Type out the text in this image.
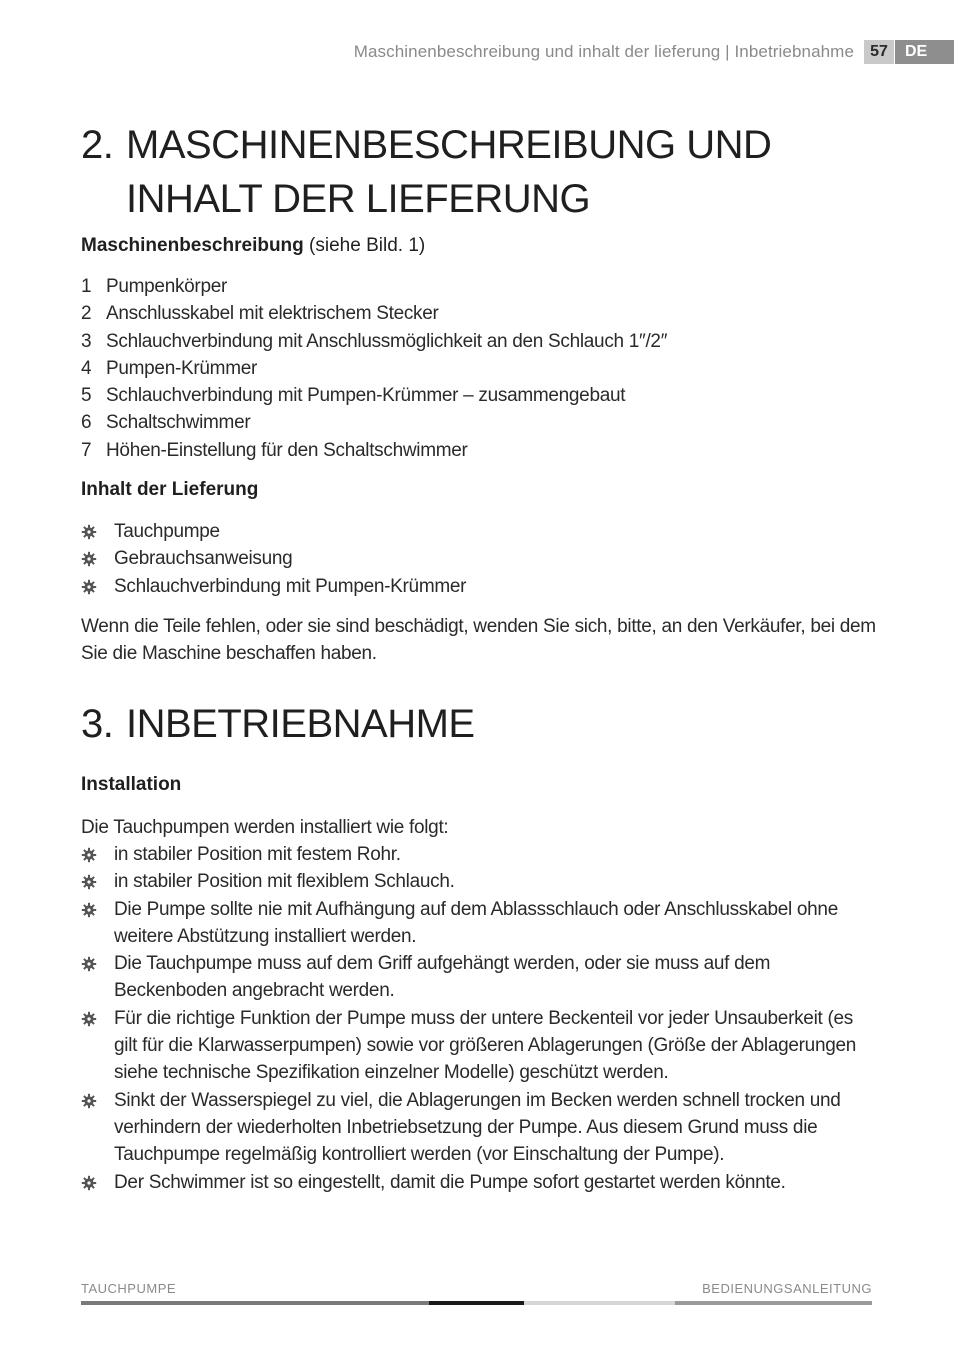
Maschinenbeschreibung und inhalt der lieferung | Inbetriebnahme	57	DE
2. MASCHINENBESCHREIBUNG UND
INHALT DER LIEFERUNG
Maschinenbeschreibung (siehe Bild. 1)
1 Pumpenkörper
2 Anschlusskabel mit elektrischem Stecker
3 Schlauchverbindung mit Anschlussmöglichkeit an den Schlauch 1″/2″
4 Pumpen-Krümmer
5 Schlauchverbindung mit Pumpen-Krümmer – zusammengebaut
6 Schaltschwimmer
7 Höhen-Einstellung für den Schaltschwimmer
Inhalt der Lieferung
Tauchpumpe
Gebrauchsanweisung
Schlauchverbindung mit Pumpen-Krümmer

Wenn die Teile fehlen, oder sie sind beschädigt, wenden Sie sich, bitte, an den Verkäufer, bei dem Sie die Maschine beschaffen haben.

3. INBETRIEBNAHME
Installation

Die Tauchpumpen werden installiert wie folgt:

in stabiler Position mit festem Rohr.
in stabiler Position mit flexiblem Schlauch.
Die Pumpe sollte nie mit Aufhängung auf dem Ablassschlauch oder Anschlusskabel ohne weitere Abstützung installiert werden.
Die Tauchpumpe muss auf dem Griff aufgehängt werden, oder sie muss auf dem Beckenboden angebracht werden.
Für die richtige Funktion der Pumpe muss der untere Beckenteil vor jeder Unsauberkeit (es gilt für die Klarwasserpumpen) sowie vor größeren Ablagerungen (Größe der Ablagerungen siehe technische Spezifikation einzelner Modelle) geschützt werden.
Sinkt der Wasserspiegel zu viel, die Ablagerungen im Becken werden schnell trocken und verhindern der wiederholten Inbetriebsetzung der Pumpe. Aus diesem Grund muss die Tauchpumpe regelmäßig kontrolliert werden (vor Einschaltung der Pumpe).
Der Schwimmer ist so eingestellt, damit die Pumpe sofort gestartet werden könnte.
TAUCHPUMPE	BEDIENUNGSANLEITUNG
